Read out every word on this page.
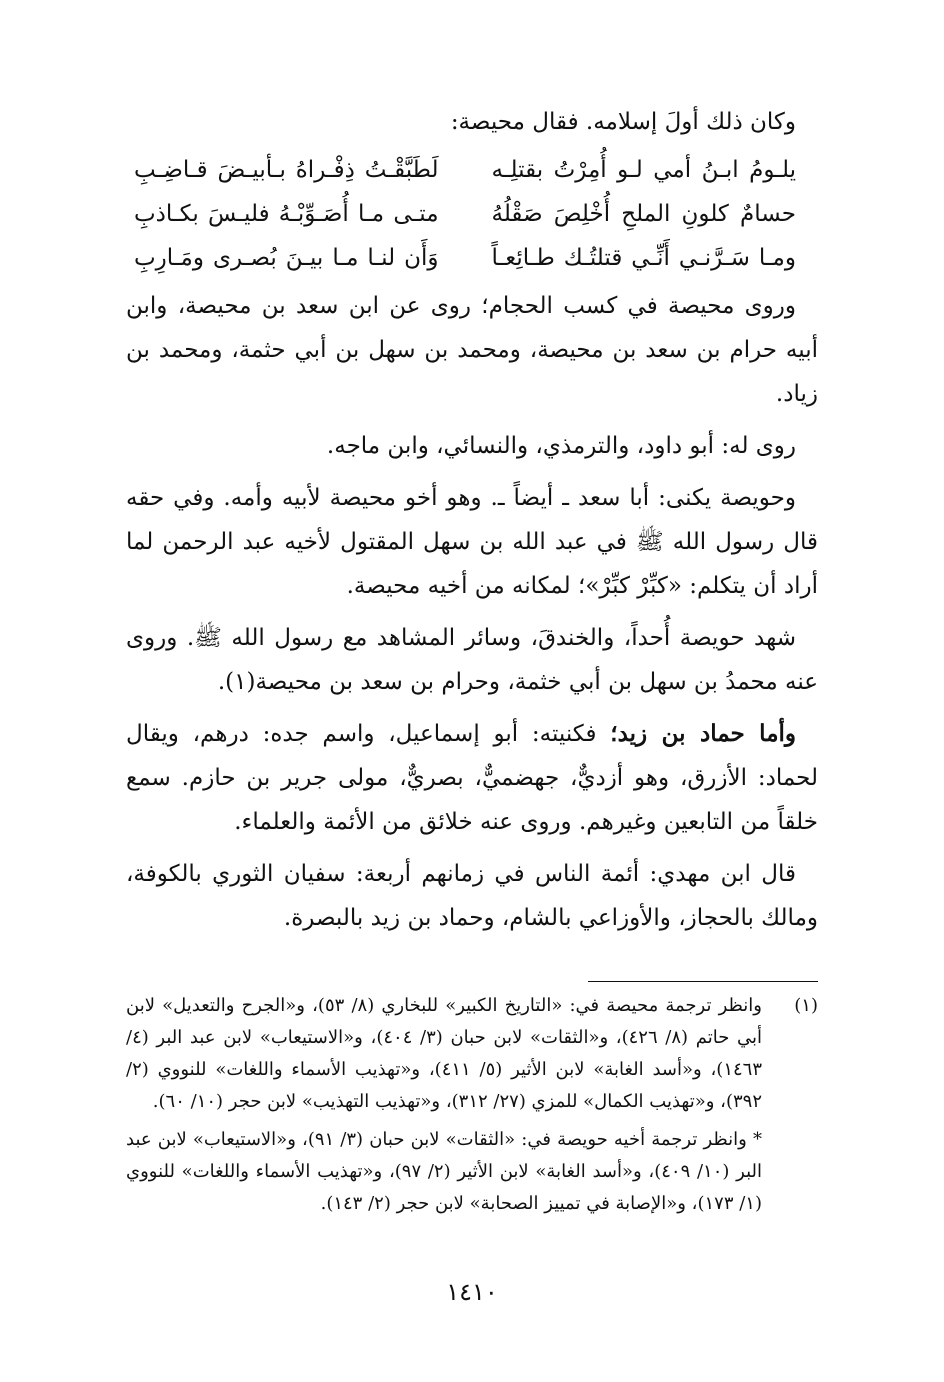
وكان ذلك أولَ إسلامه. فقال محيصة:

يلـومُ ابـنُ أمي لـو أُمِرْتُ بقتلِـه
لَطَبَّقْـتُ ذِفْـراهُ بـأبيـضَ قـاضِـبِ
حسامٌ كلونِ الملحِ أُخْلِصَ صَقْلُهُ
متـى مـا أُصَـوِّبْـهُ فليـسَ بكـاذبِ
ومـا سَـرَّنـي أَنِّـي قتلتُـك طـائِعـاً
وَأَن لنـا مـا بيـنَ بُصـرى ومَـارِبِ

وروى محيصة في كسب الحجام؛ روى عن ابن سعد بن محيصة، وابن أبيه حرام بن سعد بن محيصة، ومحمد بن سهل بن أبي حثمة، ومحمد بن زياد.

روى له: أبو داود، والترمذي، والنسائي، وابن ماجه.

وحويصة يكنى: أبا سعد ـ أيضاً ـ. وهو أخو محيصة لأبيه وأمه. وفي حقه قال رسول الله ﷺ في عبد الله بن سهل المقتول لأخيه عبد الرحمن لما أراد أن يتكلم: «كبِّرْ كبِّرْ»؛ لمكانه من أخيه محيصة.

شهد حويصة أُحداً، والخندقَ، وسائر المشاهد مع رسول الله ﷺ. وروى عنه محمدُ بن سهل بن أبي خثمة، وحرام بن سعد بن محيصة(١).

وأما حماد بن زيد؛ فكنيته: أبو إسماعيل، واسم جده: درهم، ويقال لحماد: الأزرق، وهو أزديٌّ، جهضميٌّ، بصريٌّ، مولى جرير بن حازم. سمع خلقاً من التابعين وغيرهم. وروى عنه خلائق من الأئمة والعلماء.

قال ابن مهدي: أئمة الناس في زمانهم أربعة: سفيان الثوري بالكوفة، ومالك بالحجاز، والأوزاعي بالشام، وحماد بن زيد بالبصرة.

(١)
وانظر ترجمة محيصة في: «التاريخ الكبير» للبخاري (٨/ ٥٣)، و«الجرح والتعديل» لابن أبي حاتم (٨/ ٤٢٦)، و«الثقات» لابن حبان (٣/ ٤٠٤)، و«الاستيعاب» لابن عبد البر (٤/ ١٤٦٣)، و«أسد الغابة» لابن الأثير (٥/ ٤١١)، و«تهذيب الأسماء واللغات» للنووي (٢/ ٣٩٢)، و«تهذيب الكمال» للمزي (٢٧/ ٣١٢)، و«تهذيب التهذيب» لابن حجر (١٠/ ٦٠).
* وانظر ترجمة أخيه حويصة في: «الثقات» لابن حبان (٣/ ٩١)، و«الاستيعاب» لابن عبد البر (١٠/ ٤٠٩)، و«أسد الغابة» لابن الأثير (٢/ ٩٧)، و«تهذيب الأسماء واللغات» للنووي (١/ ١٧٣)، و«الإصابة في تمييز الصحابة» لابن حجر (٢/ ١٤٣).
١٤١٠
